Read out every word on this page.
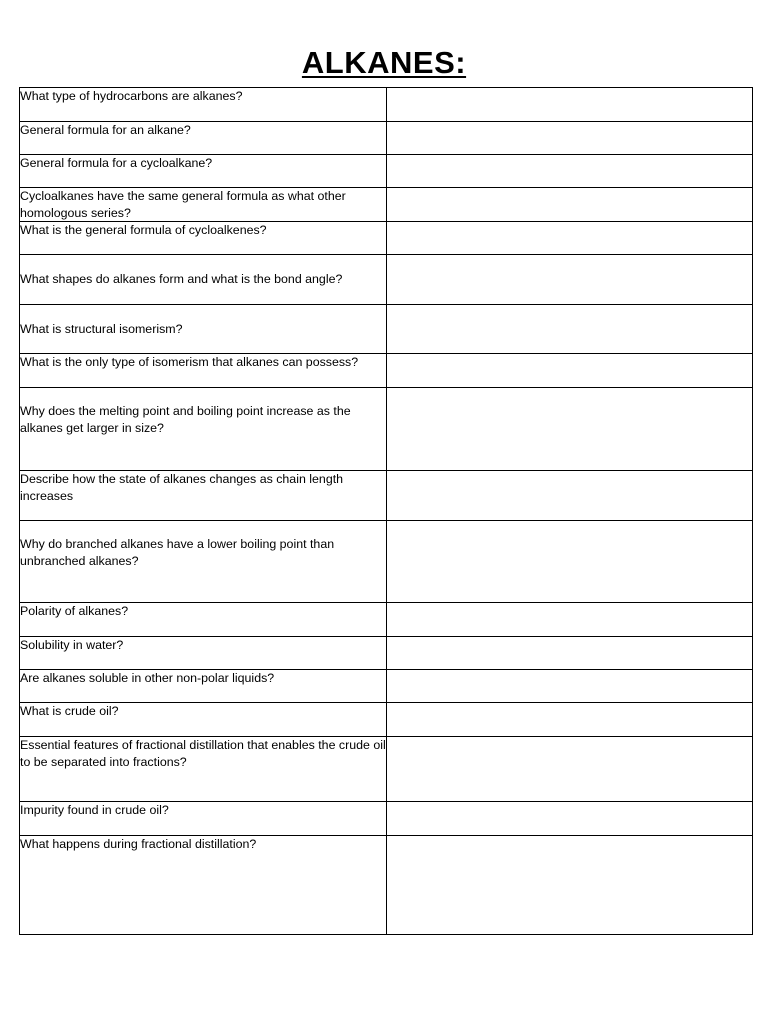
ALKANES:
What type of hydrocarbons are alkanes?	
General formula for an alkane?	
General formula for a cycloalkane?	
Cycloalkanes have the same general formula as what other homologous series?	
What is the general formula of cycloalkenes?	
What shapes do alkanes form and what is the bond angle?	
What is structural isomerism?	
What is the only type of isomerism that alkanes can possess?	
Why does the melting point and boiling point increase as the alkanes get larger in size?	
Describe how the state of alkanes changes as chain length increases	
Why do branched alkanes have a lower boiling point than unbranched alkanes?	
Polarity of alkanes?	
Solubility in water?	
Are alkanes soluble in other non-polar liquids?	
What is crude oil?	
Essential features of fractional distillation that enables the crude oil to be separated into fractions?	
Impurity found in crude oil?	
What happens during fractional distillation?	
